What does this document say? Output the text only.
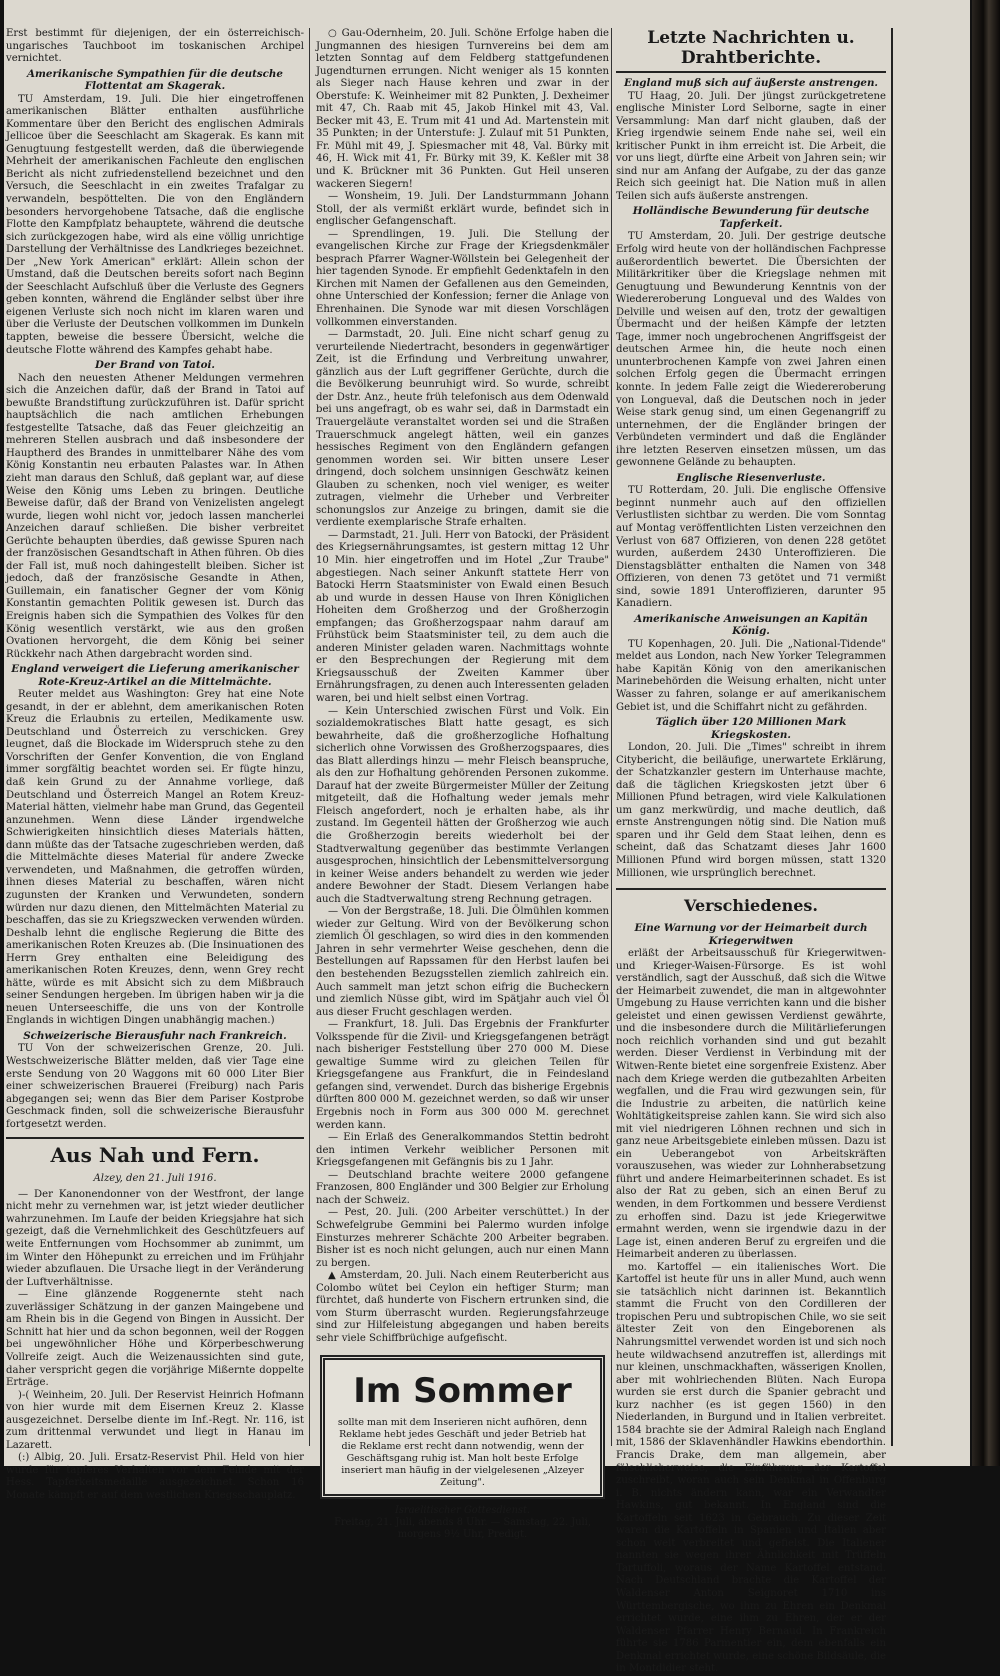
Erst bestimmt für diejenigen, der ein österreichisch-ungarisches Tauchboot im toskanischen Archipel vernichtet.

Amerikanische Sympathien für die deutsche Flottentat am Skagerak.

TU Amsterdam, 19. Juli. Die hier eingetroffenen amerikanischen Blätter enthalten ausführliche Kommentare über den Bericht des englischen Admirals Jellicoe über die Seeschlacht am Skagerak. Es kann mit Genugtuung festgestellt werden, daß die überwiegende Mehrheit der amerikanischen Fachleute den englischen Bericht als nicht zufriedenstellend bezeichnet und den Versuch, die Seeschlacht in ein zweites Trafalgar zu verwandeln, bespöttelten. Die von den Engländern besonders hervorgehobene Tatsache, daß die englische Flotte den Kampfplatz behauptete, während die deutsche sich zurückgezogen habe, wird als eine völlig unrichtige Darstellung der Verhältnisse des Landkrieges bezeichnet. Der „New York American" erklärt: Allein schon der Umstand, daß die Deutschen bereits sofort nach Beginn der Seeschlacht Aufschluß über die Verluste des Gegners geben konnten, während die Engländer selbst über ihre eigenen Verluste sich noch nicht im klaren waren und über die Verluste der Deutschen vollkommen im Dunkeln tappten, beweise die bessere Übersicht, welche die deutsche Flotte während des Kampfes gehabt habe.

Der Brand von Tatoi.

Nach den neuesten Athener Meldungen vermehren sich die Anzeichen dafür, daß der Brand in Tatoi auf bewußte Brandstiftung zurückzuführen ist. Dafür spricht hauptsächlich die nach amtlichen Erhebungen festgestellte Tatsache, daß das Feuer gleichzeitig an mehreren Stellen ausbrach und daß insbesondere der Hauptherd des Brandes in unmittelbarer Nähe des vom König Konstantin neu erbauten Palastes war. In Athen zieht man daraus den Schluß, daß geplant war, auf diese Weise den König ums Leben zu bringen. Deutliche Beweise dafür, daß der Brand von Venizelisten angelegt wurde, liegen wohl nicht vor, jedoch lassen mancherlei Anzeichen darauf schließen. Die bisher verbreitet Gerüchte behaupten überdies, daß gewisse Spuren nach der französischen Gesandtschaft in Athen führen. Ob dies der Fall ist, muß noch dahingestellt bleiben. Sicher ist jedoch, daß der französische Gesandte in Athen, Guillemain, ein fanatischer Gegner der vom König Konstantin gemachten Politik gewesen ist. Durch das Ereignis haben sich die Sympathien des Volkes für den König wesentlich verstärkt, wie aus den großen Ovationen hervorgeht, die dem König bei seiner Rückkehr nach Athen dargebracht worden sind.

England verweigert die Lieferung amerikanischer Rote-Kreuz-Artikel an die Mittelmächte.

Reuter meldet aus Washington: Grey hat eine Note gesandt, in der er ablehnt, dem amerikanischen Roten Kreuz die Erlaubnis zu erteilen, Medikamente usw. Deutschland und Österreich zu verschicken. Grey leugnet, daß die Blockade im Widerspruch stehe zu den Vorschriften der Genfer Konvention, die von England immer sorgfältig beachtet worden sei. Er fügte hinzu, daß kein Grund zu der Annahme vorliege, daß Deutschland und Österreich Mangel an Rotem Kreuz-Material hätten, vielmehr habe man Grund, das Gegenteil anzunehmen. Wenn diese Länder irgendwelche Schwierigkeiten hinsichtlich dieses Materials hätten, dann müßte das der Tatsache zugeschrieben werden, daß die Mittelmächte dieses Material für andere Zwecke verwendeten, und Maßnahmen, die getroffen würden, ihnen dieses Material zu beschaffen, wären nicht zugunsten der Kranken und Verwundeten, sondern würden nur dazu dienen, den Mittelmächten Material zu beschaffen, das sie zu Kriegszwecken verwenden würden. Deshalb lehnt die englische Regierung die Bitte des amerikanischen Roten Kreuzes ab. (Die Insinuationen des Herrn Grey enthalten eine Beleidigung des amerikanischen Roten Kreuzes, denn, wenn Grey recht hätte, würde es mit Absicht sich zu dem Mißbrauch seiner Sendungen hergeben. Im übrigen haben wir ja die neuen Unterseeschiffe, die uns von der Kontrolle Englands in wichtigen Dingen unabhängig machen.)

Schweizerische Bierausfuhr nach Frankreich.

TU Von der schweizerischen Grenze, 20. Juli. Westschweizerische Blätter melden, daß vier Tage eine erste Sendung von 20 Waggons mit 60 000 Liter Bier einer schweizerischen Brauerei (Freiburg) nach Paris abgegangen sei; wenn das Bier dem Pariser Kostprobe Geschmack finden, soll die schweizerische Bierausfuhr fortgesetzt werden.

Aus Nah und Fern.
Alzey, den 21. Juli 1916.

— Der Kanonendonner von der Westfront, der lange nicht mehr zu vernehmen war, ist jetzt wieder deutlicher wahrzunehmen. Im Laufe der beiden Kriegsjahre hat sich gezeigt, daß die Vernehmlichkeit des Geschützfeuers auf weite Entfernungen vom Hochsommer ab zunimmt, um im Winter den Höhepunkt zu erreichen und im Frühjahr wieder abzuflauen. Die Ursache liegt in der Veränderung der Luftverhältnisse.

— Eine glänzende Roggenernte steht nach zuverlässiger Schätzung in der ganzen Maingebene und am Rhein bis in die Gegend von Bingen in Aussicht. Der Schnitt hat hier und da schon begonnen, weil der Roggen bei ungewöhnlicher Höhe und Körperbeschwerung Vollreife zeigt. Auch die Weizenaussichten sind gute, daher verspricht gegen die vorjährige Mißernte doppelte Erträge.

)-( Weinheim, 20. Juli. Der Reservist Heinrich Hofmann von hier wurde mit dem Eisernen Kreuz 2. Klasse ausgezeichnet. Derselbe diente im Inf.-Regt. Nr. 116, ist zum drittenmal verwundet und liegt in Hanau im Lazarett.

(:) Albig, 20. Juli. Ersatz-Reservist Phil. Held von hier wurde für tapferes Verhalten vor dem Feinde mit der Hess. Tapferkeitsmedaille ausgezeichnet. Schon 16 Monate kämpft er auf dem westlichen Kriegsschauplatz.

○ Gau-Odernheim, 20. Juli. Schöne Erfolge haben die Jungmannen des hiesigen Turnvereins bei dem am letzten Sonntag auf dem Feldberg stattgefundenen Jugendturnen errungen. Nicht weniger als 15 konnten als Sieger nach Hause kehren und zwar in der Oberstufe: K. Weinheimer mit 82 Punkten, J. Dexheimer mit 47, Ch. Raab mit 45, Jakob Hinkel mit 43, Val. Becker mit 43, E. Trum mit 41 und Ad. Martenstein mit 35 Punkten; in der Unterstufe: J. Zulauf mit 51 Punkten, Fr. Mühl mit 49, J. Spiesmacher mit 48, Val. Bürky mit 46, H. Wick mit 41, Fr. Bürky mit 39, K. Keßler mit 38 und K. Brückner mit 36 Punkten. Gut Heil unseren wackeren Siegern!

— Wonsheim, 19. Juli. Der Landsturmmann Johann Stoll, der als vermißt erklärt wurde, befindet sich in englischer Gefangenschaft.

— Sprendlingen, 19. Juli. Die Stellung der evangelischen Kirche zur Frage der Kriegsdenkmäler besprach Pfarrer Wagner-Wöllstein bei Gelegenheit der hier tagenden Synode. Er empfiehlt Gedenktafeln in den Kirchen mit Namen der Gefallenen aus den Gemeinden, ohne Unterschied der Konfession; ferner die Anlage von Ehrenhainen. Die Synode war mit diesen Vorschlägen vollkommen einverstanden.

— Darmstadt, 20. Juli. Eine nicht scharf genug zu verurteilende Niedertracht, besonders in gegenwärtiger Zeit, ist die Erfindung und Verbreitung unwahrer, gänzlich aus der Luft gegriffener Gerüchte, durch die die Bevölkerung beunruhigt wird. So wurde, schreibt der Dstr. Anz., heute früh telefonisch aus dem Odenwald bei uns angefragt, ob es wahr sei, daß in Darmstadt ein Trauergeläute veranstaltet worden sei und die Straßen Trauerschmuck angelegt hätten, weil ein ganzes hessisches Regiment von den Engländern gefangen genommen worden sei. Wir bitten unsere Leser dringend, doch solchem unsinnigen Geschwätz keinen Glauben zu schenken, noch viel weniger, es weiter zutragen, vielmehr die Urheber und Verbreiter schonungslos zur Anzeige zu bringen, damit sie die verdiente exemplarische Strafe erhalten.

— Darmstadt, 21. Juli. Herr von Batocki, der Präsident des Kriegsernährungsamtes, ist gestern mittag 12 Uhr 10 Min. hier eingetroffen und im Hotel „Zur Traube" abgestiegen. Nach seiner Ankunft stattete Herr von Batocki Herrn Staatsminister von Ewald einen Besuch ab und wurde in dessen Hause von Ihren Königlichen Hoheiten dem Großherzog und der Großherzogin empfangen; das Großherzogspaar nahm darauf am Frühstück beim Staatsminister teil, zu dem auch die anderen Minister geladen waren. Nachmittags wohnte er den Besprechungen der Regierung mit dem Kriegsausschuß der Zweiten Kammer über Ernährungsfragen, zu denen auch Interessenten geladen waren, bei und hielt selbst einen Vortrag.

— Kein Unterschied zwischen Fürst und Volk. Ein sozialdemokratisches Blatt hatte gesagt, es sich bewahrheite, daß die großherzogliche Hofhaltung sicherlich ohne Vorwissen des Großherzogspaares, dies das Blatt allerdings hinzu — mehr Fleisch beanspruche, als den zur Hofhaltung gehörenden Personen zukomme. Darauf hat der zweite Bürgermeister Müller der Zeitung mitgeteilt, daß die Hofhaltung weder jemals mehr Fleisch angefordert, noch je erhalten habe, als ihr zustand. Im Gegenteil hätten der Großherzog wie auch die Großherzogin bereits wiederholt bei der Stadtverwaltung gegenüber das bestimmte Verlangen ausgesprochen, hinsichtlich der Lebensmittelversorgung in keiner Weise anders behandelt zu werden wie jeder andere Bewohner der Stadt. Diesem Verlangen habe auch die Stadtverwaltung streng Rechnung getragen.

— Von der Bergstraße, 18. Juli. Die Ölmühlen kommen wieder zur Geltung. Wird von der Bevölkerung schon ziemlich Öl geschlagen, so wird dies in den kommenden Jahren in sehr vermehrter Weise geschehen, denn die Bestellungen auf Rapssamen für den Herbst laufen bei den bestehenden Bezugsstellen ziemlich zahlreich ein. Auch sammelt man jetzt schon eifrig die Bucheckern und ziemlich Nüsse gibt, wird im Spätjahr auch viel Öl aus dieser Frucht geschlagen werden.

— Frankfurt, 18. Juli. Das Ergebnis der Frankfurter Volksspende für die Zivil- und Kriegsgefangenen beträgt nach bisheriger Feststellung über 270 000 M. Diese gewaltige Summe wird zu gleichen Teilen für Kriegsgefangene aus Frankfurt, die in Feindesland gefangen sind, verwendet. Durch das bisherige Ergebnis dürften 800 000 M. gezeichnet werden, so daß wir unser Ergebnis noch in Form aus 300 000 M. gerechnet werden kann.

— Ein Erlaß des Generalkommandos Stettin bedroht den intimen Verkehr weiblicher Personen mit Kriegsgefangenen mit Gefängnis bis zu 1 Jahr.

— Deutschland brachte weitere 2000 gefangene Franzosen, 800 Engländer und 300 Belgier zur Erholung nach der Schweiz.

— Pest, 20. Juli. (200 Arbeiter verschüttet.) In der Schwefelgrube Gemmini bei Palermo wurden infolge Einsturzes mehrerer Schächte 200 Arbeiter begraben. Bisher ist es noch nicht gelungen, auch nur einen Mann zu bergen.

▲ Amsterdam, 20. Juli. Nach einem Reuterbericht aus Colombo wütet bei Ceylon ein heftiger Sturm; man fürchtet, daß hunderte von Fischern ertrunken sind, die vom Sturm überrascht wurden. Regierungsfahrzeuge sind zur Hilfeleistung abgegangen und haben bereits sehr viele Schiffbrüchige aufgefischt.

Im Sommer
sollte man mit dem Inserieren nicht aufhören, denn Reklame hebt jedes Geschäft und jeder Betrieb hat die Reklame erst recht dann notwendig, wenn der Geschäftsgang ruhig ist. Man holt beste Erfolge inseriert man häufig in der vielgelesenen „Alzeyer Zeitung".
Israelitischer Gottesdienst.
Freitag, 21. Juli, abends 8 Uhr. — Samstag, 22. Juli, morgens 9½ Uhr, Predigt.
Letzte Nachrichten u. Drahtberichte.
England muß sich auf äußerste anstrengen.

TU Haag, 20. Juli. Der jüngst zurückgetretene englische Minister Lord Selborne, sagte in einer Versammlung: Man darf nicht glauben, daß der Krieg irgendwie seinem Ende nahe sei, weil ein kritischer Punkt in ihm erreicht ist. Die Arbeit, die vor uns liegt, dürfte eine Arbeit von Jahren sein; wir sind nur am Anfang der Aufgabe, zu der das ganze Reich sich geeinigt hat. Die Nation muß in allen Teilen sich aufs äußerste anstrengen.

Holländische Bewunderung für deutsche Tapferkeit.

TU Amsterdam, 20. Juli. Der gestrige deutsche Erfolg wird heute von der holländischen Fachpresse außerordentlich bewertet. Die Übersichten der Militärkritiker über die Kriegslage nehmen mit Genugtuung und Bewunderung Kenntnis von der Wiedereroberung Longueval und des Waldes von Delville und weisen auf den, trotz der gewaltigen Übermacht und der heißen Kämpfe der letzten Tage, immer noch ungebrochenen Angriffsgeist der deutschen Armee hin, die heute noch einen ununterbrochenen Kampfe von zwei Jahren einen solchen Erfolg gegen die Übermacht erringen konnte. In jedem Falle zeigt die Wiedereroberung von Longueval, daß die Deutschen noch in jeder Weise stark genug sind, um einen Gegenangriff zu unternehmen, der die Engländer bringen der Verbündeten vermindert und daß die Engländer ihre letzten Reserven einsetzen müssen, um das gewonnene Gelände zu behaupten.

Englische Riesenverluste.

TU Rotterdam, 20. Juli. Die englische Offensive beginnt nunmehr auch auf den offiziellen Verlustlisten sichtbar zu werden. Die vom Sonntag auf Montag veröffentlichten Listen verzeichnen den Verlust von 687 Offizieren, von denen 228 getötet wurden, außerdem 2430 Unteroffizieren. Die Dienstagsblätter enthalten die Namen von 348 Offizieren, von denen 73 getötet und 71 vermißt sind, sowie 1891 Unteroffizieren, darunter 95 Kanadiern.

Amerikanische Anweisungen an Kapitän König.

TU Kopenhagen, 20. Juli. Die „National-Tidende" meldet aus London, nach New Yorker Telegrammen habe Kapitän König von den amerikanischen Marinebehörden die Weisung erhalten, nicht unter Wasser zu fahren, solange er auf amerikanischem Gebiet ist, und die Schiffahrt nicht zu gefährden.

Täglich über 120 Millionen Mark Kriegskosten.

London, 20. Juli. Die „Times" schreibt in ihrem Citybericht, die beiläufige, unerwartete Erklärung, der Schatzkanzler gestern im Unterhause machte, daß die täglichen Kriegskosten jetzt über 6 Millionen Pfund betragen, wird viele Kalkulationen um ganz merkwürdig, und mache deutlich, daß ernste Anstrengungen nötig sind. Die Nation muß sparen und ihr Geld dem Staat leihen, denn es scheint, daß das Schatzamt dieses Jahr 1600 Millionen Pfund wird borgen müssen, statt 1320 Millionen, wie ursprünglich berechnet.

Verschiedenes.
Eine Warnung vor der Heimarbeit durch Kriegerwitwen

erläßt der Arbeitsausschuß für Kriegerwitwen- und Krieger-Waisen-Fürsorge. Es ist wohl verständlich, sagt der Ausschuß, daß sich die Witwe der Heimarbeit zuwendet, die man in altgewohnter Umgebung zu Hause verrichten kann und die bisher geleistet und einen gewissen Verdienst gewährte, und die insbesondere durch die Militärlieferungen noch reichlich vorhanden sind und gut bezahlt werden. Dieser Verdienst in Verbindung mit der Witwen-Rente bietet eine sorgenfreie Existenz. Aber nach dem Kriege werden die gutbezahlten Arbeiten wegfallen, und die Frau wird gezwungen sein, für die Industrie zu arbeiten, die natürlich keine Wohltätigkeitspreise zahlen kann. Sie wird sich also mit viel niedrigeren Löhnen rechnen und sich in ganz neue Arbeitsgebiete einleben müssen. Dazu ist ein Ueberangebot von Arbeitskräften vorauszusehen, was wieder zur Lohnherabsetzung führt und andere Heimarbeiterinnen schadet. Es ist also der Rat zu geben, sich an einen Beruf zu wenden, in dem Fortkommen und bessere Verdienst zu erhoffen sind. Dazu ist jede Kriegerwitwe ermahnt werden, wenn sie irgendwie dazu in der Lage ist, einen anderen Beruf zu ergreifen und die Heimarbeit anderen zu überlassen.

mo. Kartoffel — ein italienisches Wort. Die Kartoffel ist heute für uns in aller Mund, auch wenn sie tatsächlich nicht darinnen ist. Bekanntlich stammt die Frucht von den Cordilleren der tropischen Peru und subtropischen Chile, wo sie seit ältester Zeit von den Eingeborenen als Nahrungsmittel verwendet worden ist und sich noch heute wildwachsend anzutreffen ist, allerdings mit nur kleinen, unschmackhaften, wässerigen Knollen, aber mit wohlriechenden Blüten. Nach Europa wurden sie erst durch die Spanier gebracht und kurz nachher (es ist gegen 1560) in den Niederlanden, in Burgund und in Italien verbreitet. 1584 brachte sie der Admiral Raleigh nach England mit, 1586 der Sklavenhändler Hawkins ebendorthin. Francis Drake, dem man allgemein, aber fälschlicherweise, die Einführung der Kartoffel zuschreibt, woran auch sein Denkmal in Offenburg i. B. nichts ändern kann, war ein Verwandter Hawkins, gut bekannt. In England sind die Kartoffeln seit 1623 in Gebrauch. Zu dieser Zeit waren die Kartoffeln in Spanien und Italien aber schon weit verbreitet und gefielst. Die Italiener nannten sie wegen ihrer Ähnlichkeit mit Trüffeln Tartuffoli, woraus der Name Kartoffel entstand. Nach Deutschland brachte die Kartoffel der Waldenser Anton Seignoret 1710 ins Württembergische, wo ihm zu Ehren ein Denkmal errichtet wurde, eine ihm zu Ehren, der er der Waldenser Pfarrer Henry Bernaud. In Frankreich führte sie 1786 Parmentier ein, dem ebenfalls ein Denkmal errichtet wurde, eine schöne Bildsäule, die in Montdidier steht.
